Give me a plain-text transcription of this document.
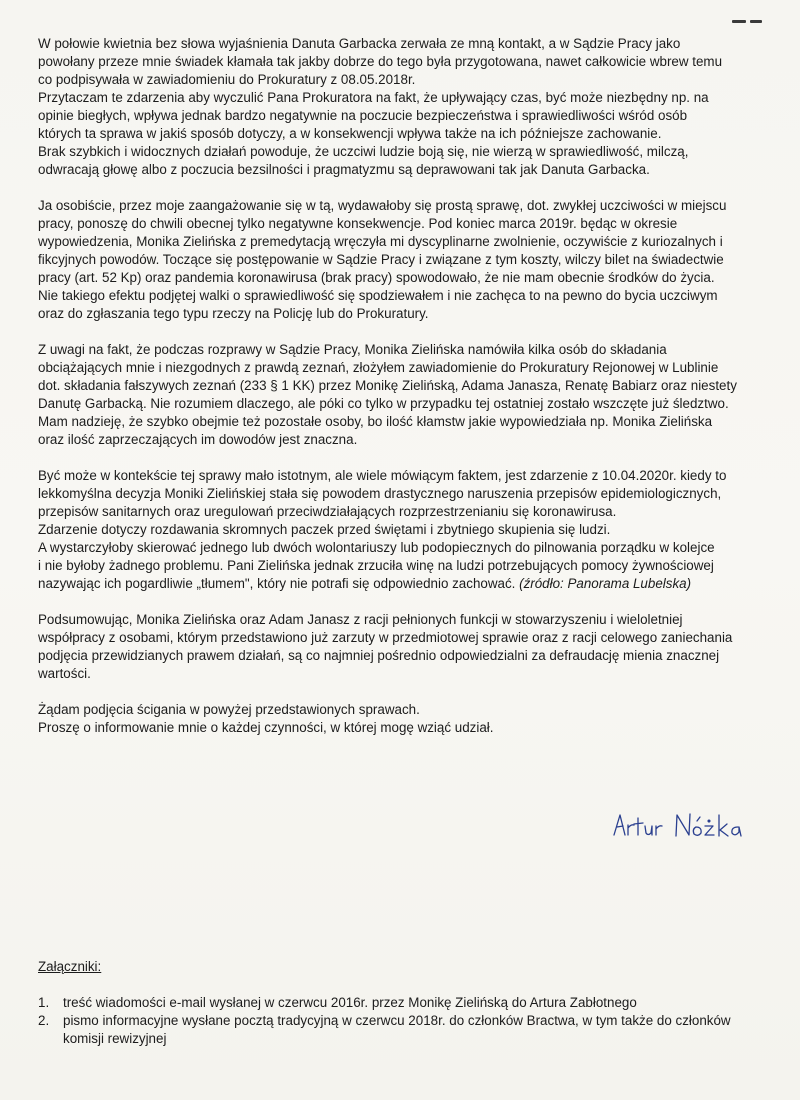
W połowie kwietnia bez słowa wyjaśnienia Danuta Garbacka zerwała ze mną kontakt, a w Sądzie Pracy jako
powołany przeze mnie świadek kłamała tak jakby dobrze do tego była przygotowana, nawet całkowicie wbrew temu
co podpisywała w zawiadomieniu do Prokuratury z 08.05.2018r.
Przytaczam te zdarzenia aby wyczulić Pana Prokuratora na fakt, że upływający czas, być może niezbędny np. na
opinie biegłych, wpływa jednak bardzo negatywnie na poczucie bezpieczeństwa i sprawiedliwości wśród osób
których ta sprawa w jakiś sposób dotyczy, a w konsekwencji wpływa także na ich późniejsze zachowanie.
Brak szybkich i widocznych działań powoduje, że uczciwi ludzie boją się, nie wierzą w sprawiedliwość, milczą,
odwracają głowę albo z poczucia bezsilności i pragmatyzmu są deprawowani tak jak Danuta Garbacka.

Ja osobiście, przez moje zaangażowanie się w tą, wydawałoby się prostą sprawę, dot. zwykłej uczciwości w miejscu
pracy, ponoszę do chwili obecnej tylko negatywne konsekwencje. Pod koniec marca 2019r. będąc w okresie
wypowiedzenia, Monika Zielińska z premedytacją wręczyła mi dyscyplinarne zwolnienie, oczywiście z kuriozalnych i
fikcyjnych powodów. Toczące się postępowanie w Sądzie Pracy i związane z tym koszty, wilczy bilet na świadectwie
pracy (art. 52 Kp) oraz pandemia koronawirusa (brak pracy) spowodowało, że nie mam obecnie środków do życia.
Nie takiego efektu podjętej walki o sprawiedliwość się spodziewałem i nie zachęca to na pewno do bycia uczciwym
oraz do zgłaszania tego typu rzeczy na Policję lub do Prokuratury.

Z uwagi na fakt, że podczas rozprawy w Sądzie Pracy, Monika Zielińska namówiła kilka osób do składania
obciążających mnie i niezgodnych z prawdą zeznań, złożyłem zawiadomienie do Prokuratury Rejonowej w Lublinie
dot. składania fałszywych zeznań (233 § 1 KK) przez Monikę Zielińską, Adama Janasza, Renatę Babiarz oraz niestety
Danutę Garbacką. Nie rozumiem dlaczego, ale póki co tylko w przypadku tej ostatniej zostało wszczęte już śledztwo.
Mam nadzieję, że szybko obejmie też pozostałe osoby, bo ilość kłamstw jakie wypowiedziała np. Monika Zielińska
oraz ilość zaprzeczających im dowodów jest znaczna.

Być może w kontekście tej sprawy mało istotnym, ale wiele mówiącym faktem, jest zdarzenie z 10.04.2020r. kiedy to
lekkomyślna decyzja Moniki Zielińskiej stała się powodem drastycznego naruszenia przepisów epidemiologicznych,
przepisów sanitarnych oraz uregulowań przeciwdziałających rozprzestrzenianiu się koronawirusa.
Zdarzenie dotyczy rozdawania skromnych paczek przed świętami i zbytniego skupienia się ludzi.
A wystarczyłoby skierować jednego lub dwóch wolontariuszy lub podopiecznych do pilnowania porządku w kolejce
i nie byłoby żadnego problemu. Pani Zielińska jednak zrzuciła winę na ludzi potrzebujących pomocy żywnościowej
nazywając ich pogardliwie „tłumem", który nie potrafi się odpowiednio zachować. (źródło: Panorama Lubelska)

Podsumowując, Monika Zielińska oraz Adam Janasz z racji pełnionych funkcji w stowarzyszeniu i wieloletniej
współpracy z osobami, którym przedstawiono już zarzuty w przedmiotowej sprawie oraz z racji celowego zaniechania
podjęcia przewidzianych prawem działań, są co najmniej pośrednio odpowiedzialni za defraudację mienia znacznej
wartości.

Żądam podjęcia ścigania w powyżej przedstawionych sprawach.
Proszę o informowanie mnie o każdej czynności, w której mogę wziąć udział.

Załączniki:
1.	treść wiadomości e-mail wysłanej w czerwcu 2016r. przez Monikę Zielińską do Artura Zabłotnego
2.	pismo informacyjne wysłane pocztą tradycyjną w czerwcu 2018r. do członków Bractwa, w tym także do członków
komisji rewizyjnej
